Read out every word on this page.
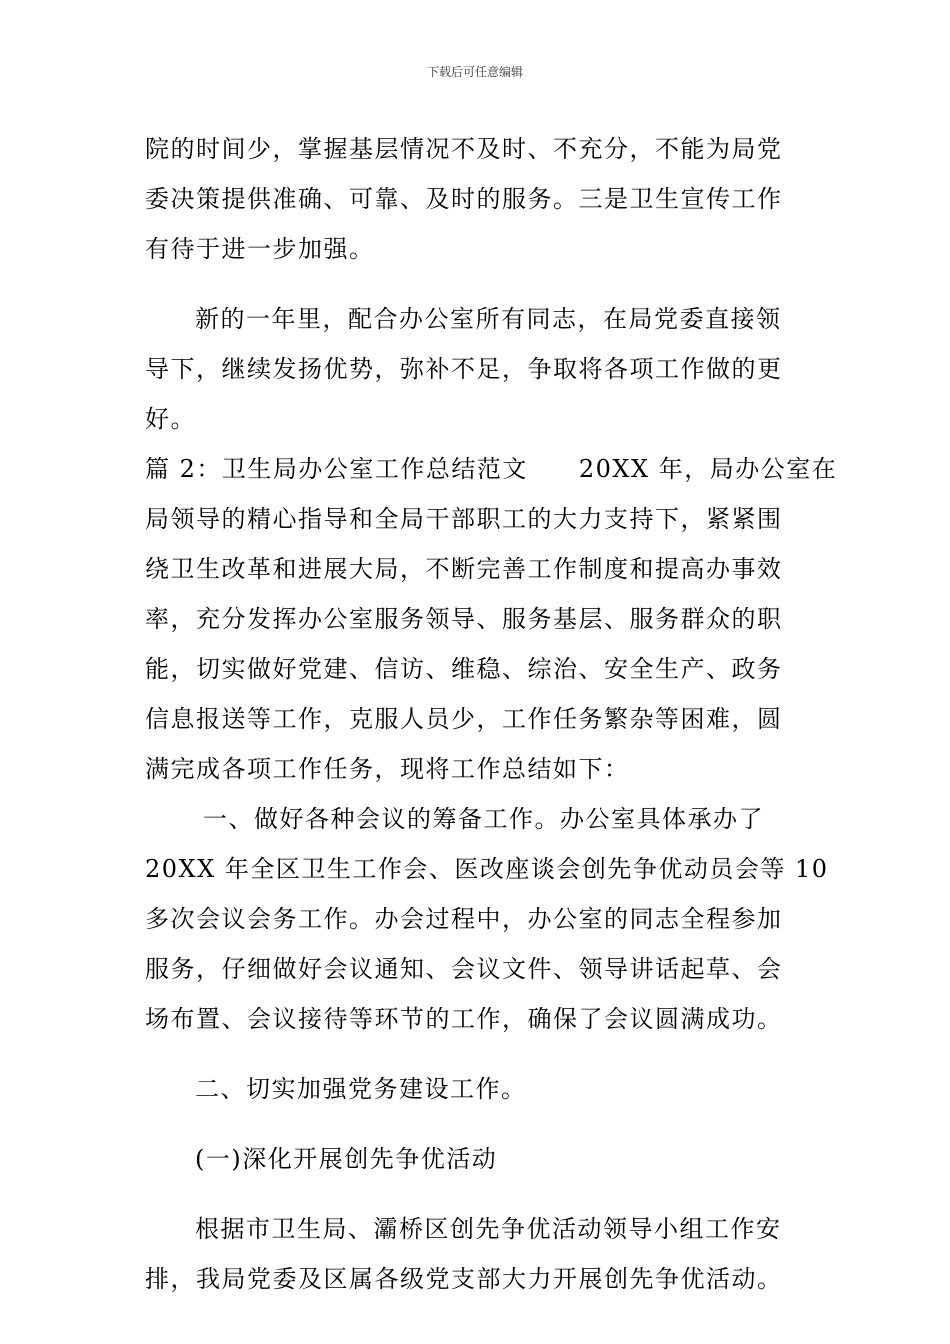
下载后可任意编辑
院的时间少，掌握基层情况不及时、不充分，不能为局党
委决策提供准确、可靠、及时的服务。三是卫生宣传工作
有待于进一步加强。
新的一年里，配合办公室所有同志，在局党委直接领
导下，继续发扬优势，弥补不足，争取将各项工作做的更
好。
篇 2：卫生局办公室工作总结范文　　20XX 年，局办公室在
局领导的精心指导和全局干部职工的大力支持下，紧紧围
绕卫生改革和进展大局，不断完善工作制度和提高办事效
率，充分发挥办公室服务领导、服务基层、服务群众的职
能，切实做好党建、信访、维稳、综治、安全生产、政务
信息报送等工作，克服人员少，工作任务繁杂等困难，圆
满完成各项工作任务，现将工作总结如下：
一、做好各种会议的筹备工作。办公室具体承办了
20XX 年全区卫生工作会、医改座谈会创先争优动员会等 10
多次会议会务工作。办会过程中，办公室的同志全程参加
服务，仔细做好会议通知、会议文件、领导讲话起草、会
场布置、会议接待等环节的工作，确保了会议圆满成功。
二、切实加强党务建设工作。
(一)深化开展创先争优活动
根据市卫生局、灞桥区创先争优活动领导小组工作安
排，我局党委及区属各级党支部大力开展创先争优活动。
